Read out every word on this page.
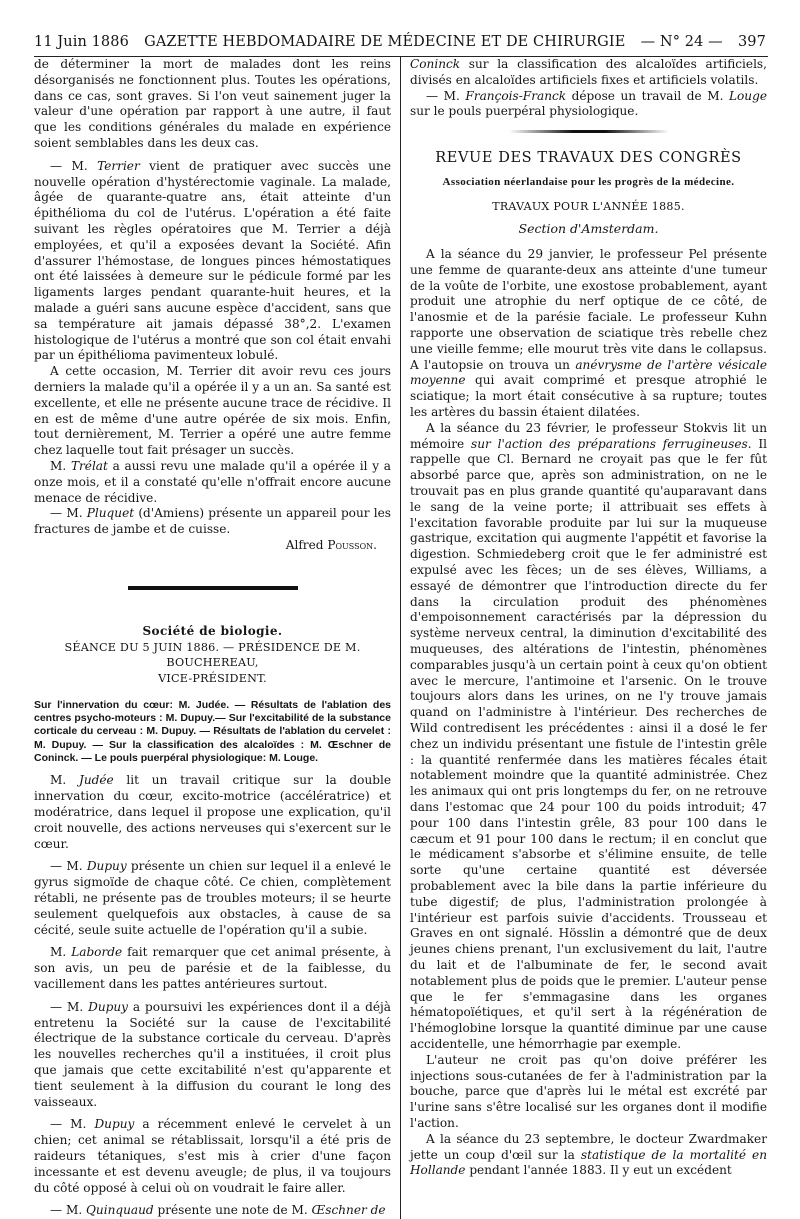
11 Juin 1886 GAZETTE HEBDOMADAIRE DE MÉDECINE ET DE CHIRURGIE — N° 24 — 397

de déterminer la mort de malades dont les reins désorganisés ne fonctionnent plus. Toutes les opérations, dans ce cas, sont graves. Si l'on veut sainement juger la valeur d'une opération par rapport à une autre, il faut que les conditions générales du malade en expérience soient semblables dans les deux cas.

— M. Terrier vient de pratiquer avec succès une nouvelle opération d'hystérectomie vaginale. La malade, âgée de quarante-quatre ans, était atteinte d'un épithélioma du col de l'utérus. L'opération a été faite suivant les règles opératoires que M. Terrier a déjà employées, et qu'il a exposées devant la Société. Afin d'assurer l'hémostase, de longues pinces hémostatiques ont été laissées à demeure sur le pédicule formé par les ligaments larges pendant quarante-huit heures, et la malade a guéri sans aucune espèce d'accident, sans que sa température ait jamais dépassé 38°,2. L'examen histologique de l'utérus a montré que son col était envahi par un épithélioma pavimenteux lobulé.

A cette occasion, M. Terrier dit avoir revu ces jours derniers la malade qu'il a opérée il y a un an. Sa santé est excellente, et elle ne présente aucune trace de récidive. Il en est de même d'une autre opérée de six mois. Enfin, tout dernièrement, M. Terrier a opéré une autre femme chez laquelle tout fait présager un succès.

M. Trélat a aussi revu une malade qu'il a opérée il y a onze mois, et il a constaté qu'elle n'offrait encore aucune menace de récidive.

— M. Pluquet (d'Amiens) présente un appareil pour les fractures de jambe et de cuisse.

Alfred Pousson.

Société de biologie.

SÉANCE DU 5 JUIN 1886. — PRÉSIDENCE DE M. BOUCHEREAU,

VICE-PRÉSIDENT.

Sur l'innervation du cœur: M. Judée. — Résultats de l'ablation des centres psycho-moteurs : M. Dupuy.— Sur l'excitabilité de la substance corticale du cerveau : M. Dupuy. — Résultats de l'ablation du cervelet : M. Dupuy. — Sur la classification des alcaloïdes : M. Œschner de Coninck. — Le pouls puerpéral physiologique: M. Louge.

M. Judée lit un travail critique sur la double innervation du cœur, excito-motrice (accélératrice) et modératrice, dans lequel il propose une explication, qu'il croit nouvelle, des actions nerveuses qui s'exercent sur le cœur.

— M. Dupuy présente un chien sur lequel il a enlevé le gyrus sigmoïde de chaque côté. Ce chien, complètement rétabli, ne présente pas de troubles moteurs; il se heurte seulement quelquefois aux obstacles, à cause de sa cécité, seule suite actuelle de l'opération qu'il a subie.

M. Laborde fait remarquer que cet animal présente, à son avis, un peu de parésie et de la faiblesse, du vacillement dans les pattes antérieures surtout.

— M. Dupuy a poursuivi les expériences dont il a déjà entretenu la Société sur la cause de l'excitabilité électrique de la substance corticale du cerveau. D'après les nouvelles recherches qu'il a instituées, il croit plus que jamais que cette excitabilité n'est qu'apparente et tient seulement à la diffusion du courant le long des vaisseaux.

— M. Dupuy a récemment enlevé le cervelet à un chien; cet animal se rétablissait, lorsqu'il a été pris de raideurs tétaniques, s'est mis à crier d'une façon incessante et est devenu aveugle; de plus, il va toujours du côté opposé à celui où on voudrait le faire aller.

— M. Quinquaud présente une note de M. Œschner de

Coninck sur la classification des alcaloïdes artificiels, divisés en alcaloïdes artificiels fixes et artificiels volatils.

— M. François-Franck dépose un travail de M. Louge sur le pouls puerpéral physiologique.

REVUE DES TRAVAUX DES CONGRÈS

Association néerlandaise pour les progrès de la médecine.

TRAVAUX POUR L'ANNÉE 1885.

Section d'Amsterdam.

A la séance du 29 janvier, le professeur Pel présente une femme de quarante-deux ans atteinte d'une tumeur de la voûte de l'orbite, une exostose probablement, ayant produit une atrophie du nerf optique de ce côté, de l'anosmie et de la parésie faciale. Le professeur Kuhn rapporte une observation de sciatique très rebelle chez une vieille femme; elle mourut très vite dans le collapsus. A l'autopsie on trouva un anévrysme de l'artère vésicale moyenne qui avait comprimé et presque atrophié le sciatique; la mort était consécutive à sa rupture; toutes les artères du bassin étaient dilatées.

A la séance du 23 février, le professeur Stokvis lit un mémoire sur l'action des préparations ferrugineuses. Il rappelle que Cl. Bernard ne croyait pas que le fer fût absorbé parce que, après son administration, on ne le trouvait pas en plus grande quantité qu'auparavant dans le sang de la veine porte; il attribuait ses effets à l'excitation favorable produite par lui sur la muqueuse gastrique, excitation qui augmente l'appétit et favorise la digestion. Schmiedeberg croit que le fer administré est expulsé avec les fèces; un de ses élèves, Williams, a essayé de démontrer que l'introduction directe du fer dans la circulation produit des phénomènes d'empoisonnement caractérisés par la dépression du système nerveux central, la diminution d'excitabilité des muqueuses, des altérations de l'intestin, phénomènes comparables jusqu'à un certain point à ceux qu'on obtient avec le mercure, l'antimoine et l'arsenic. On le trouve toujours alors dans les urines, on ne l'y trouve jamais quand on l'administre à l'intérieur. Des recherches de Wild contredisent les précédentes : ainsi il a dosé le fer chez un individu présentant une fistule de l'intestin grêle : la quantité renfermée dans les matières fécales était notablement moindre que la quantité administrée. Chez les animaux qui ont pris longtemps du fer, on ne retrouve dans l'estomac que 24 pour 100 du poids introduit; 47 pour 100 dans l'intestin grêle, 83 pour 100 dans le cæcum et 91 pour 100 dans le rectum; il en conclut que le médicament s'absorbe et s'élimine ensuite, de telle sorte qu'une certaine quantité est déversée probablement avec la bile dans la partie inférieure du tube digestif; de plus, l'administration prolongée à l'intérieur est parfois suivie d'accidents. Trousseau et Graves en ont signalé. Hösslin a démontré que de deux jeunes chiens prenant, l'un exclusivement du lait, l'autre du lait et de l'albuminate de fer, le second avait notablement plus de poids que le premier. L'auteur pense que le fer s'emmagasine dans les organes hématopoïétiques, et qu'il sert à la régénération de l'hémoglobine lorsque la quantité diminue par une cause accidentelle, une hémorrhagie par exemple.

L'auteur ne croit pas qu'on doive préférer les injections sous-cutanées de fer à l'administration par la bouche, parce que d'après lui le métal est excrété par l'urine sans s'être localisé sur les organes dont il modifie l'action.

A la séance du 23 septembre, le docteur Zwardmaker jette un coup d'œil sur la statistique de la mortalité en Hollande pendant l'année 1883. Il y eut un excédent
